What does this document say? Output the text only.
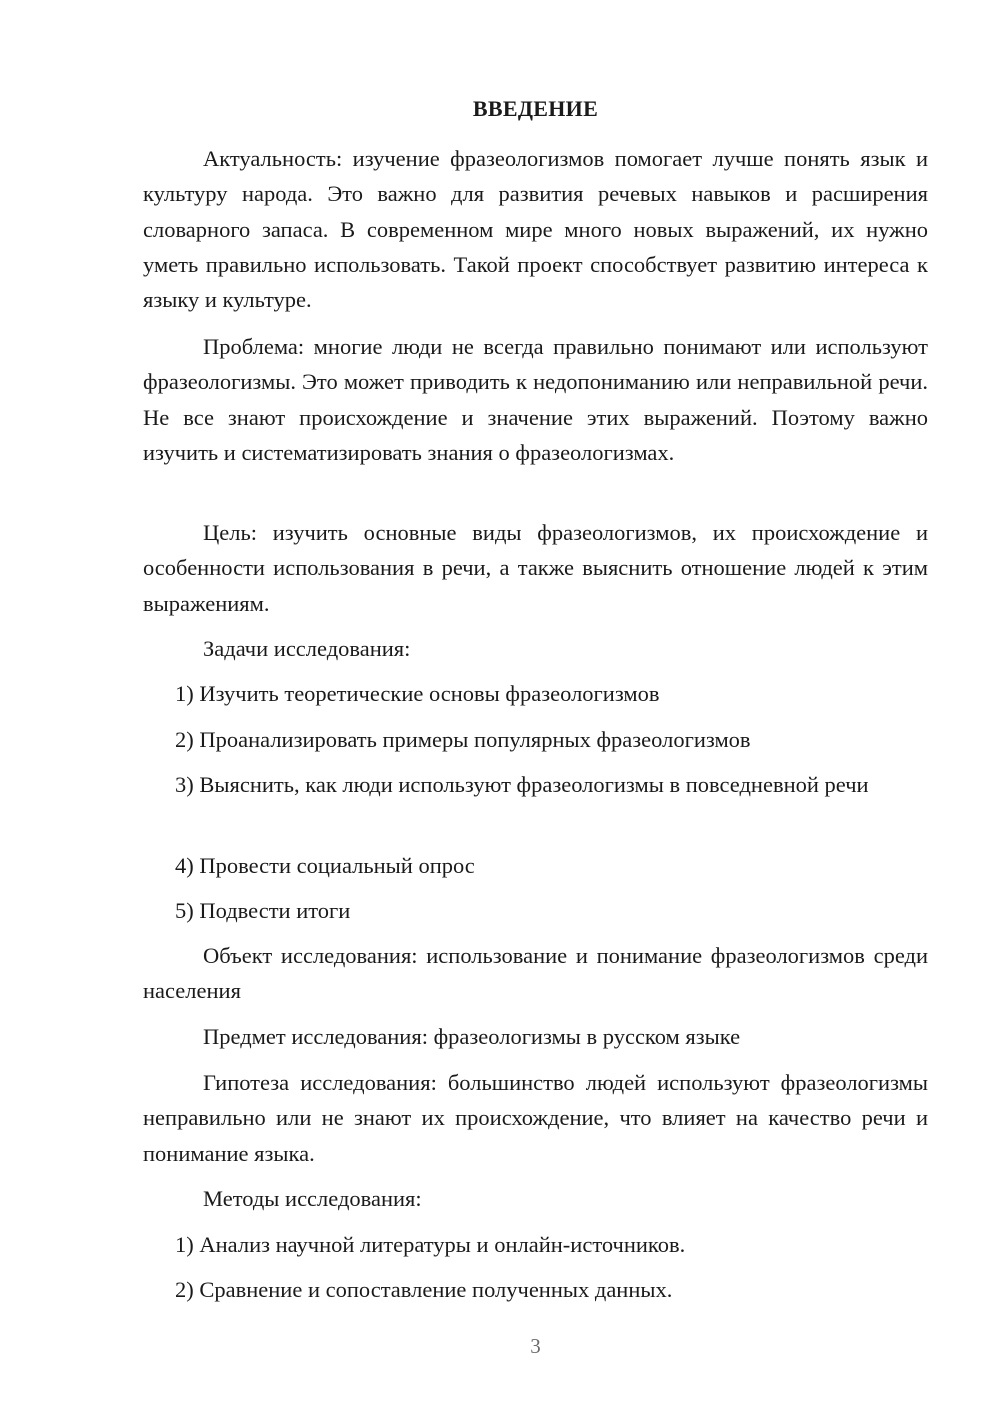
ВВЕДЕНИЕ

Актуальность: изучение фразеологизмов помогает лучше понять язык и культуру народа. Это важно для развития речевых навыков и расширения словарного запаса. В современном мире много новых выражений, их нужно уметь правильно использовать. Такой проект способствует развитию интереса к языку и культуре.

Проблема: многие люди не всегда правильно понимают или используют фразеологизмы. Это может приводить к недопониманию или неправильной речи. Не все знают происхождение и значение этих выражений. Поэтому важно изучить и систематизировать знания о фразеологизмах.

Цель: изучить основные виды фразеологизмов, их происхождение и особенности использования в речи, а также выяснить отношение людей к этим выражениям.

Задачи исследования:

1) Изучить теоретические основы фразеологизмов

2) Проанализировать примеры популярных фразеологизмов

3) Выяснить, как люди используют фразеологизмы в повседневной речи

4) Провести социальный опрос

5) Подвести итоги

Объект исследования: использование и понимание фразеологизмов среди населения

Предмет исследования: фразеологизмы в русском языке

Гипотеза исследования: большинство людей используют фразеологизмы неправильно или не знают их происхождение, что влияет на качество речи и понимание языка.

Методы исследования:

1) Анализ научной литературы и онлайн-источников.

2) Сравнение и сопоставление полученных данных.

3
